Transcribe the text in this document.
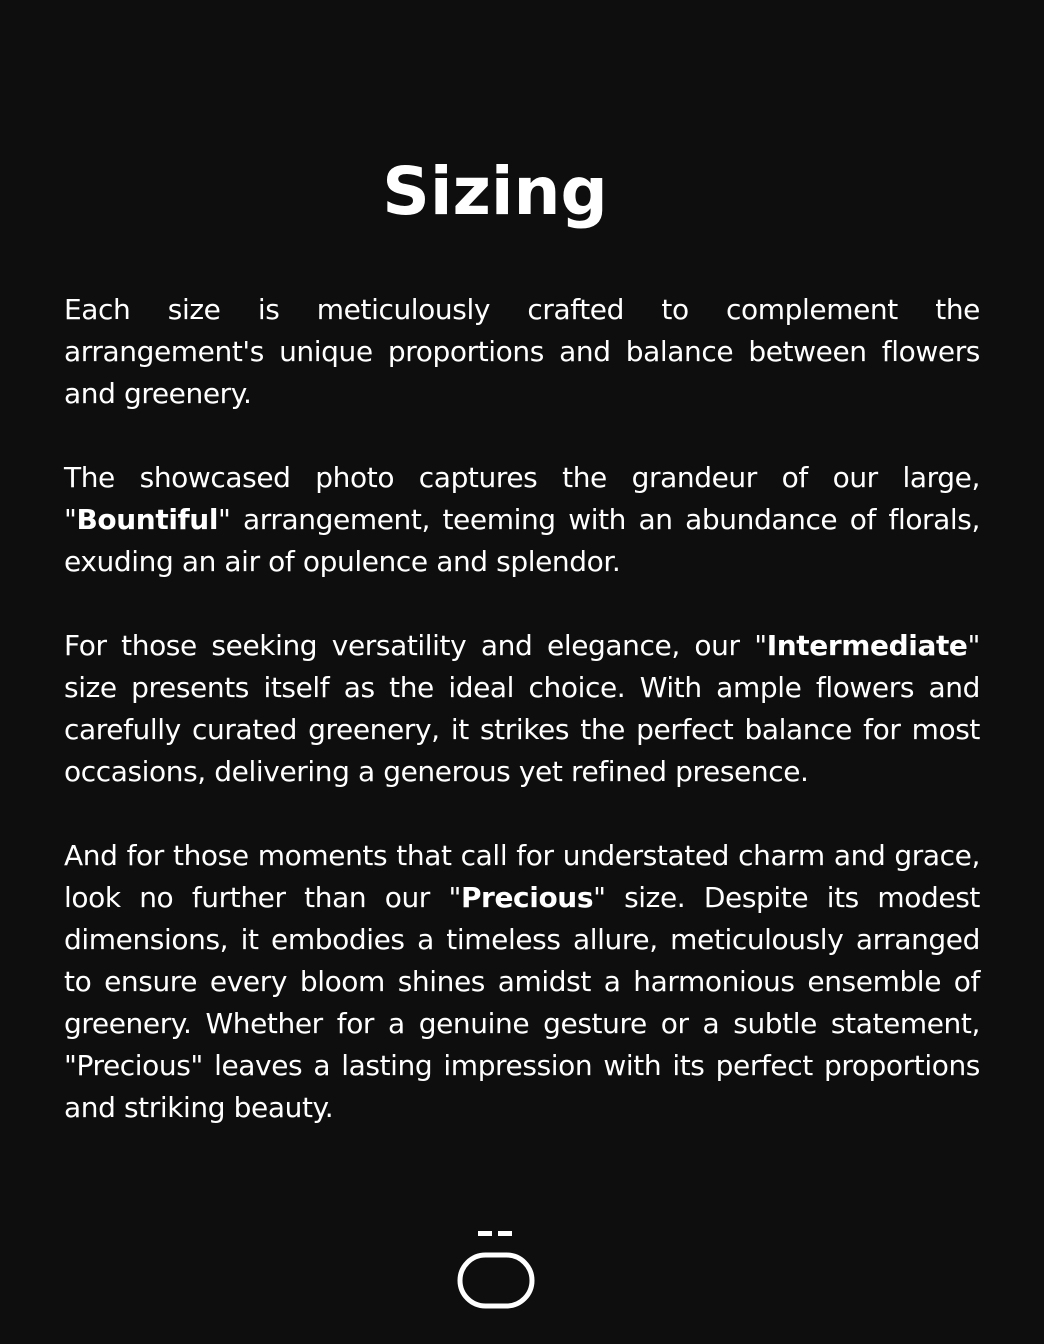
Sizing

Each size is meticulously crafted to complement the arrangement's unique proportions and balance between flowers and greenery.

The showcased photo captures the grandeur of our large, "Bountiful" arrangement, teeming with an abundance of florals, exuding an air of opulence and splendor.

For those seeking versatility and elegance, our "Intermediate" size presents itself as the ideal choice. With ample flowers and carefully curated greenery, it strikes the perfect balance for most occasions, delivering a generous yet refined presence.

And for those moments that call for understated charm and grace, look no further than our "Precious" size. Despite its modest dimensions, it embodies a timeless allure, meticulously arranged to ensure every bloom shines amidst a harmonious ensemble of greenery. Whether for a genuine gesture or a subtle statement, "Precious" leaves a lasting impression with its perfect proportions and striking beauty.
